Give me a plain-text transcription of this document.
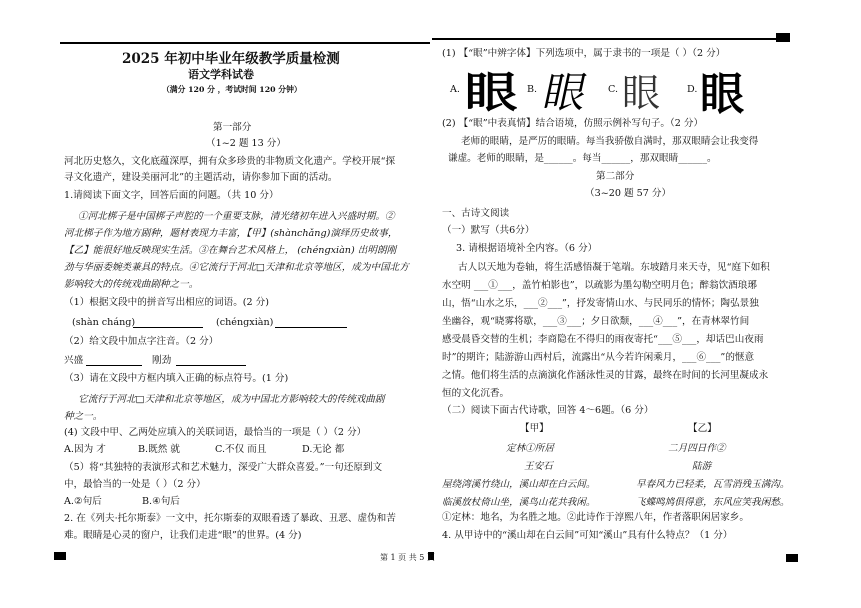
2025 年初中毕业年级教学质量检测
语文学科试卷
（满分 120 分 ，考试时间 120 分钟）
第一部分
（1~2 题 13 分）
河北历史悠久，文化底蕴深厚，拥有众多珍贵的非物质文化遗产。学校开展“探
寻文化遗产，建设美丽河北”的主题活动，请你参加下面的活动。
1.请阅读下面文字，回答后面的问题。（共 10 分）
①河北梆子是中国梆子声腔的一个重要支脉，清光绪初年进入兴盛时期。②
河北梆子作为地方剧种，题材表现力丰富，【甲】(shànchǎng)演绎历史故事，
【乙】能很好地反映现实生活。③在舞台艺术风格上， (chénɡxiàn) 出明朗刚
劲与华丽委婉类兼具的特点。④它流行于河北□天津和北京等地区，成为中国北方
影响较大的传统戏曲剧种之一。
（1）根据文段中的拼音写出相应的词语。(2 分)
(shàn chánɡ)	(chénɡxiàn)
（2）给文段中加点字注音。（2 分）
兴盛	刚劲
（3）请在文段中方框内填入正确的标点符号。(1 分)
它流行于河北□天津和北京等地区，成为中国北方影响较大的传统戏曲剧
种之一。
(4) 文段中甲、乙两处应填入的关联词语，最恰当的一项是（ ）（2 分）
A.因为 才	B.既然 就	C.不仅 而且	D.无论 都
（5）将“其独特的表演形式和艺术魅力，深受广大群众喜爱。”一句还原到文
中，最恰当的一处是（ ）（2 分）
A.②句后	B.④句后
2. 在《列夫·托尔斯泰》一文中，托尔斯泰的双眼看透了暴政、丑恶、虚伪和苦
难。眼睛是心灵的窗户，让我们走进“眼”的世界。(4 分)
(1) 【“眼”中辨字体】下列选项中，属于隶书的一项是（ ）（2 分）
A. 眼 B. 眼 C. 眼	D. 眼
(2) 【“眼”中表真情】结合语境，仿照示例补写句子。（2 分）
老师的眼睛，是严厉的眼睛。每当我骄傲自满时，那双眼睛会让我变得
谦虚。老师的眼睛，是______。每当______，那双眼睛______。
第二部分
（3~20 题 57 分）
一、古诗文阅读
（一）默写（共6分）
3. 请根据语境补全内容。（6 分）
古人以天地为卷轴，将生活感悟凝于笔端。东坡踏月来天寺，见“庭下如积
水空明 ___①___，盖竹柏影也”，以疏影为墨勾勒空明月色；醉翁饮酒琅琊
山，悟“山水之乐，___②___”，抒发寄情山水、与民同乐的情怀；陶弘景独
坐幽谷，观“晓雾将歇，___③___；夕日欲颓，___④___”，在青林翠竹间
感受晨昏交替的生机；李商隐在不得归的雨夜寄托“___⑤___，却话巴山夜雨
时”的期许；陆游游山西村后，流露出“从今若许闲乘月，___⑥___”的惬意
之情。他们将生活的点滴演化作涵泳性灵的甘露，最终在时间的长河里凝成永
恒的文化沉香。
（二）阅读下面古代诗歌，回答 4～6题。（6 分）
【甲】	【乙】
定林①所居	二月四日作②
王安石	陆游
屋绕湾溪竹绕山，溪山却在白云间。	早春风力已轻柔，瓦雪消残玉满沟。
临溪放杖倚山坐，溪鸟山花共我闲。	飞蝶鸣鸠俱得意，东风应笑我闲愁。
①定林：地名，为名胜之地。②此诗作于淳熙八年，作者落职闲居家乡。
4. 从甲诗中的“溪山却在白云间”可知“溪山”具有什么特点？（1 分）
第 1 页 共 5 页
